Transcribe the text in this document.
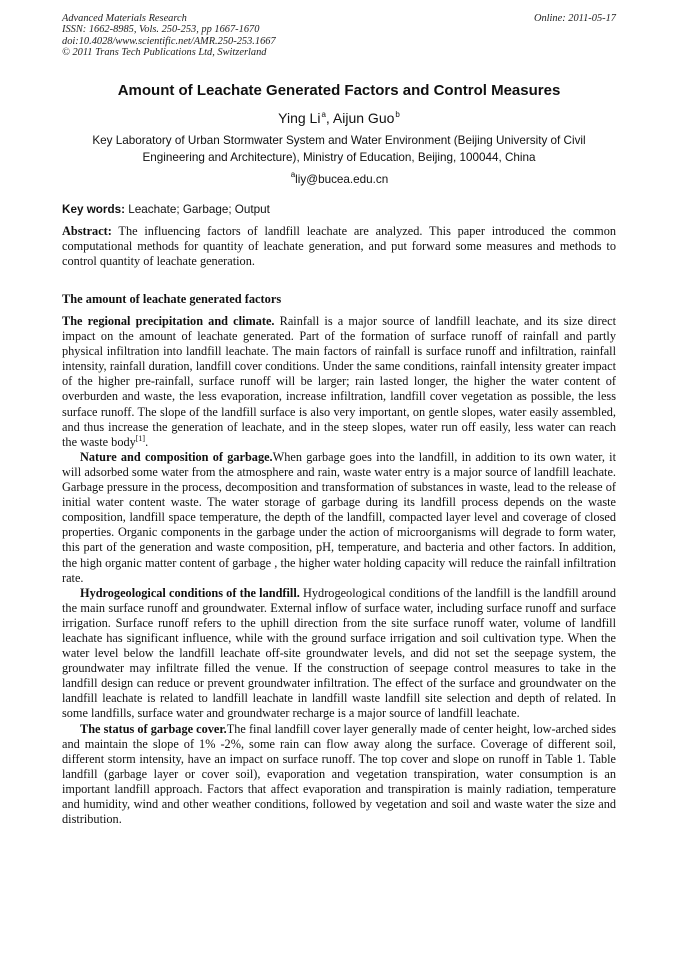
Advanced Materials Research
ISSN: 1662-8985, Vols. 250-253, pp 1667-1670
doi:10.4028/www.scientific.net/AMR.250-253.1667
© 2011 Trans Tech Publications Ltd, Switzerland
Online: 2011-05-17
Amount of Leachate Generated Factors and Control Measures
Ying Li$^a$, Aijun Guo$^b$
Key Laboratory of Urban Stormwater System and Water Environment (Beijing University of Civil Engineering and Architecture), Ministry of Education, Beijing, 100044, China
$^a$liy@bucea.edu.cn
Key words: Leachate; Garbage; Output
Abstract: The influencing factors of landfill leachate are analyzed. This paper introduced the common computational methods for quantity of leachate generation, and put forward some measures and methods to control quantity of leachate generation.
The amount of leachate generated factors

The regional precipitation and climate. Rainfall is a major source of landfill leachate, and its size direct impact on the amount of leachate generated. Part of the formation of surface runoff of rainfall and partly physical infiltration into landfill leachate. The main factors of rainfall is surface runoff and infiltration, rainfall intensity, rainfall duration, landfill cover conditions. Under the same conditions, rainfall intensity greater impact of the higher pre-rainfall, surface runoff will be larger; rain lasted longer, the higher the water content of overburden and waste, the less evaporation, increase infiltration, landfill cover vegetation as possible, the less surface runoff. The slope of the landfill surface is also very important, on gentle slopes, water easily assembled, and thus increase the generation of leachate, and in the steep slopes, water run off easily, less water can reach the waste body[1].

Nature and composition of garbage.When garbage goes into the landfill, in addition to its own water, it will adsorbed some water from the atmosphere and rain, waste water entry is a major source of landfill leachate. Garbage pressure in the process, decomposition and transformation of substances in waste, lead to the release of initial water content waste. The water storage of garbage during its landfill process depends on the waste composition, landfill space temperature, the depth of the landfill, compacted layer level and coverage of closed properties. Organic components in the garbage under the action of microorganisms will degrade to form water, this part of the generation and waste composition, pH, temperature, and bacteria and other factors. In addition, the high organic matter content of garbage , the higher water holding capacity will reduce the rainfall infiltration rate.

Hydrogeological conditions of the landfill. Hydrogeological conditions of the landfill is the landfill around the main surface runoff and groundwater. External inflow of surface water, including surface runoff and surface irrigation. Surface runoff refers to the uphill direction from the site surface runoff water, volume of landfill leachate has significant influence, while with the ground surface irrigation and soil cultivation type. When the water level below the landfill leachate off-site groundwater levels, and did not set the seepage system, the groundwater may infiltrate filled the venue. If the construction of seepage control measures to take in the landfill design can reduce or prevent groundwater infiltration. The effect of the surface and groundwater on the landfill leachate is related to landfill leachate in landfill waste landfill site selection and depth of related. In some landfills, surface water and groundwater recharge is a major source of landfill leachate.

The status of garbage cover.The final landfill cover layer generally made of center height, low-arched sides and maintain the slope of 1% -2%, some rain can flow away along the surface. Coverage of different soil, different storm intensity, have an impact on surface runoff. The top cover and slope on runoff in Table 1. Table landfill (garbage layer or cover soil), evaporation and vegetation transpiration, water consumption is an important landfill approach. Factors that affect evaporation and transpiration is mainly radiation, temperature and humidity, wind and other weather conditions, followed by vegetation and soil and waste water the size and distribution.
